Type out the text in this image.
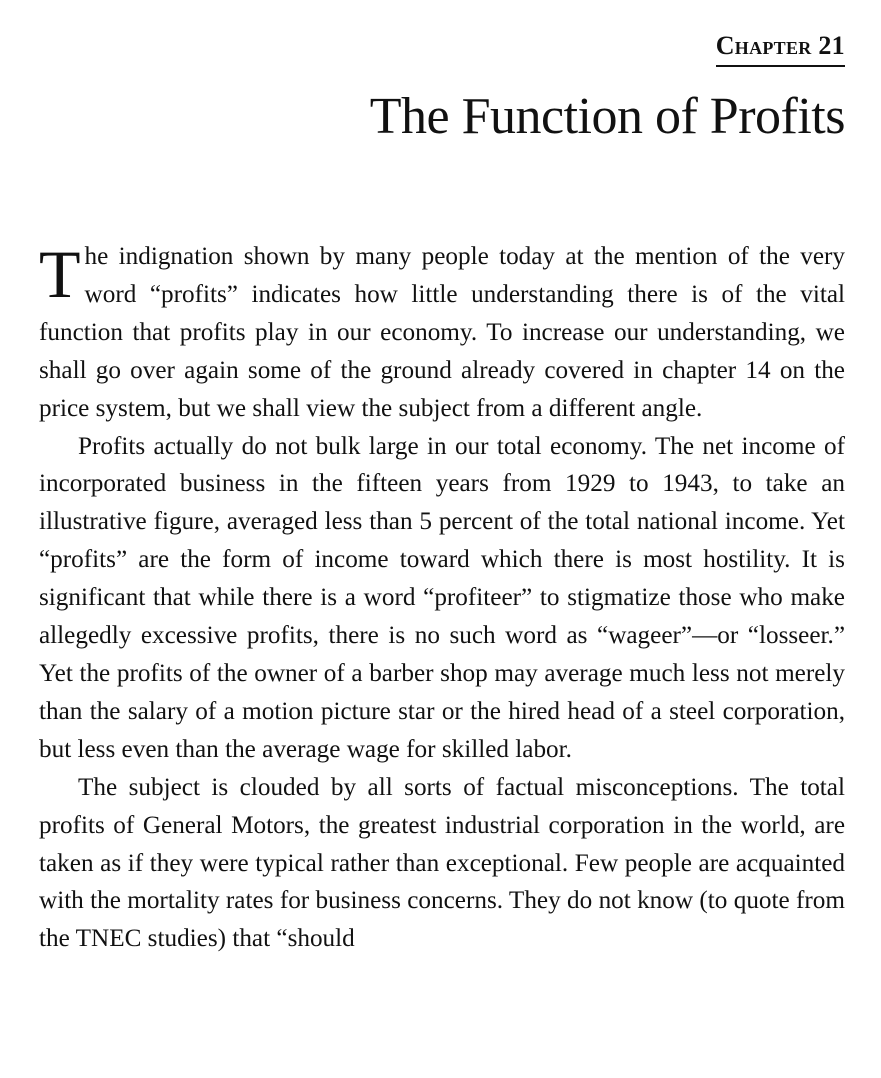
Chapter 21
The Function of Profits

The indignation shown by many people today at the mention of the very word “profits” indicates how little understanding there is of the vital function that profits play in our economy. To increase our understanding, we shall go over again some of the ground already covered in chapter 14 on the price system, but we shall view the subject from a different angle.

Profits actually do not bulk large in our total economy. The net income of incorporated business in the fifteen years from 1929 to 1943, to take an illustrative figure, averaged less than 5 percent of the total national income. Yet “profits” are the form of income toward which there is most hostility. It is significant that while there is a word “profiteer” to stigmatize those who make allegedly excessive profits, there is no such word as “wageer”—or “losseer.” Yet the profits of the owner of a barber shop may average much less not merely than the salary of a motion picture star or the hired head of a steel corporation, but less even than the average wage for skilled labor.

The subject is clouded by all sorts of factual misconceptions. The total profits of General Motors, the greatest industrial corporation in the world, are taken as if they were typical rather than exceptional. Few people are acquainted with the mortality rates for business concerns. They do not know (to quote from the TNEC studies) that “should
